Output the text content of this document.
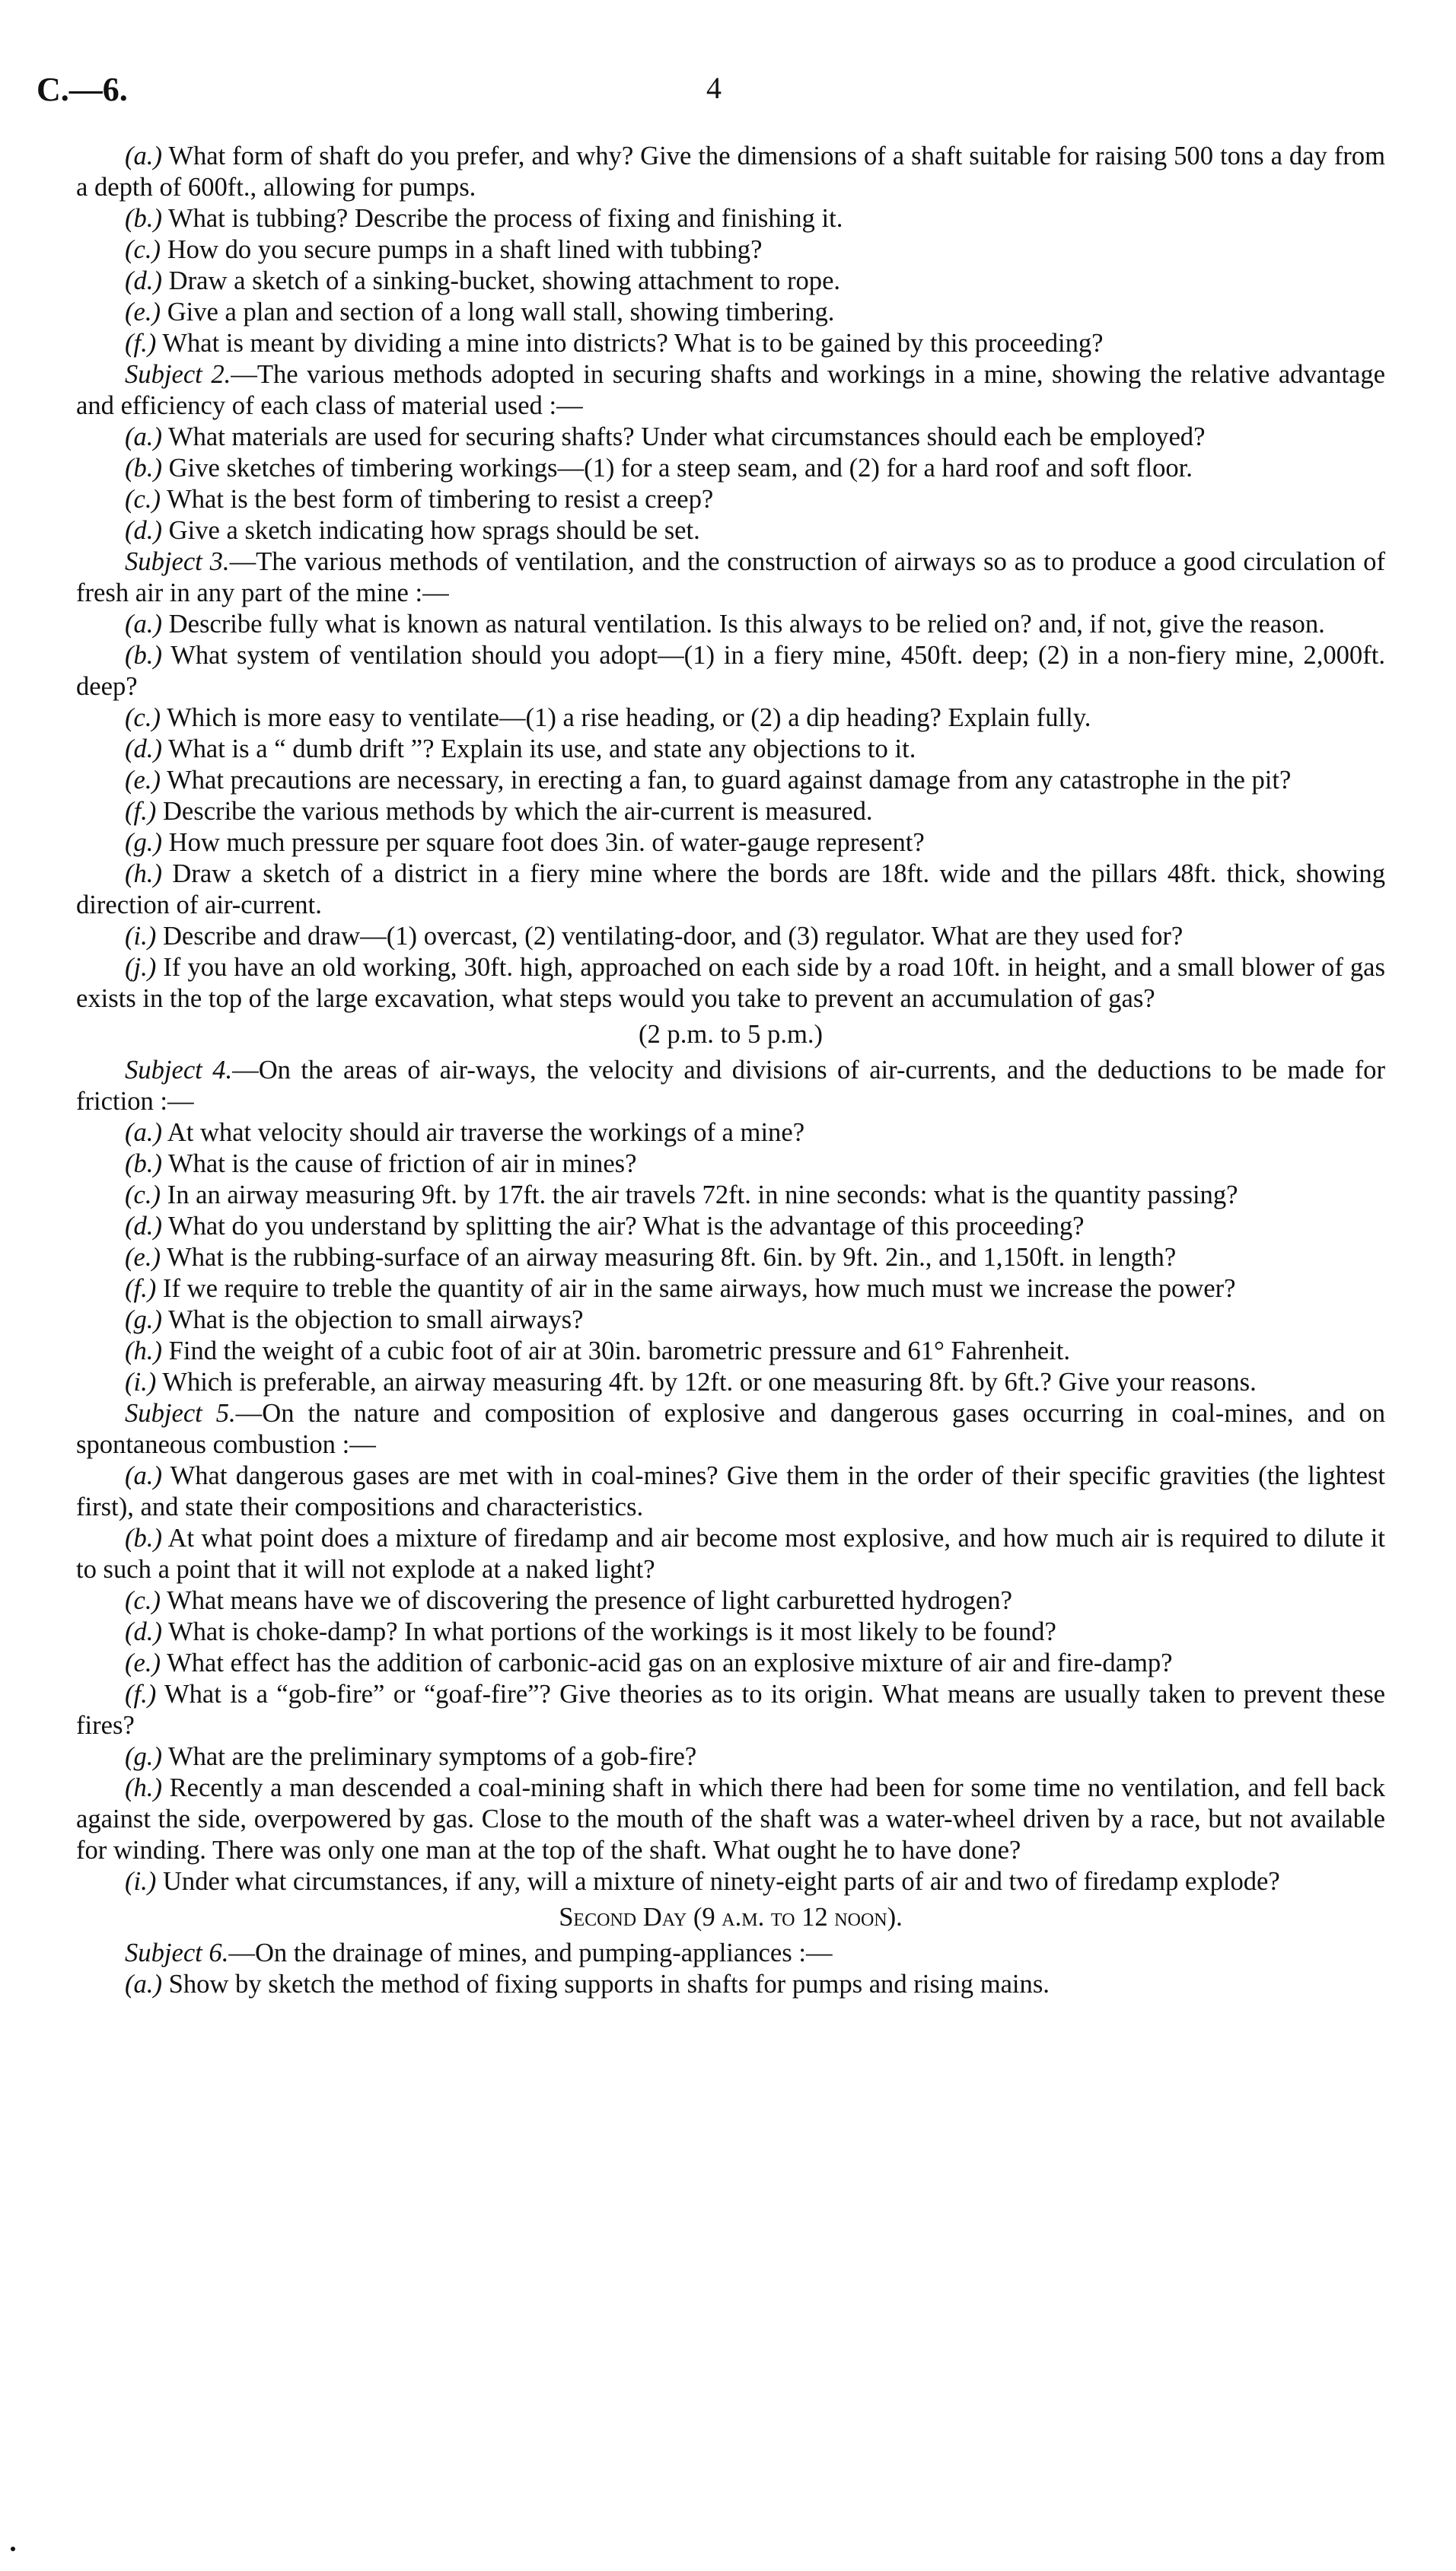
C.—6.	4

(a.) What form of shaft do you prefer, and why? Give the dimensions of a shaft suitable for raising 500 tons a day from a depth of 600ft., allowing for pumps.

(b.) What is tubbing? Describe the process of fixing and finishing it.

(c.) How do you secure pumps in a shaft lined with tubbing?

(d.) Draw a sketch of a sinking-bucket, showing attachment to rope.

(e.) Give a plan and section of a long wall stall, showing timbering.

(f.) What is meant by dividing a mine into districts? What is to be gained by this proceeding?

Subject 2.—The various methods adopted in securing shafts and workings in a mine, showing the relative advantage and efficiency of each class of material used :—

(a.) What materials are used for securing shafts? Under what circumstances should each be employed?

(b.) Give sketches of timbering workings—(1) for a steep seam, and (2) for a hard roof and soft floor.

(c.) What is the best form of timbering to resist a creep?

(d.) Give a sketch indicating how sprags should be set.

Subject 3.—The various methods of ventilation, and the construction of airways so as to produce a good circulation of fresh air in any part of the mine :—

(a.) Describe fully what is known as natural ventilation. Is this always to be relied on? and, if not, give the reason.

(b.) What system of ventilation should you adopt—(1) in a fiery mine, 450ft. deep; (2) in a non-fiery mine, 2,000ft. deep?

(c.) Which is more easy to ventilate—(1) a rise heading, or (2) a dip heading? Explain fully.

(d.) What is a “ dumb drift ”? Explain its use, and state any objections to it.

(e.) What precautions are necessary, in erecting a fan, to guard against damage from any catastrophe in the pit?

(f.) Describe the various methods by which the air-current is measured.

(g.) How much pressure per square foot does 3in. of water-gauge represent?

(h.) Draw a sketch of a district in a fiery mine where the bords are 18ft. wide and the pillars 48ft. thick, showing direction of air-current.

(i.) Describe and draw—(1) overcast, (2) ventilating-door, and (3) regulator. What are they used for?

(j.) If you have an old working, 30ft. high, approached on each side by a road 10ft. in height, and a small blower of gas exists in the top of the large excavation, what steps would you take to prevent an accumulation of gas?

(2 p.m. to 5 p.m.)

Subject 4.—On the areas of air-ways, the velocity and divisions of air-currents, and the deductions to be made for friction :—

(a.) At what velocity should air traverse the workings of a mine?

(b.) What is the cause of friction of air in mines?

(c.) In an airway measuring 9ft. by 17ft. the air travels 72ft. in nine seconds: what is the quantity passing?

(d.) What do you understand by splitting the air? What is the advantage of this proceeding?

(e.) What is the rubbing-surface of an airway measuring 8ft. 6in. by 9ft. 2in., and 1,150ft. in length?

(f.) If we require to treble the quantity of air in the same airways, how much must we increase the power?

(g.) What is the objection to small airways?

(h.) Find the weight of a cubic foot of air at 30in. barometric pressure and 61° Fahrenheit.

(i.) Which is preferable, an airway measuring 4ft. by 12ft. or one measuring 8ft. by 6ft.? Give your reasons.

Subject 5.—On the nature and composition of explosive and dangerous gases occurring in coal-mines, and on spontaneous combustion :—

(a.) What dangerous gases are met with in coal-mines? Give them in the order of their specific gravities (the lightest first), and state their compositions and characteristics.

(b.) At what point does a mixture of firedamp and air become most explosive, and how much air is required to dilute it to such a point that it will not explode at a naked light?

(c.) What means have we of discovering the presence of light carburetted hydrogen?

(d.) What is choke-damp? In what portions of the workings is it most likely to be found?

(e.) What effect has the addition of carbonic-acid gas on an explosive mixture of air and fire-damp?

(f.) What is a “gob-fire” or “goaf-fire”? Give theories as to its origin. What means are usually taken to prevent these fires?

(g.) What are the preliminary symptoms of a gob-fire?

(h.) Recently a man descended a coal-mining shaft in which there had been for some time no ventilation, and fell back against the side, overpowered by gas. Close to the mouth of the shaft was a water-wheel driven by a race, but not available for winding. There was only one man at the top of the shaft. What ought he to have done?

(i.) Under what circumstances, if any, will a mixture of ninety-eight parts of air and two of firedamp explode?

Second Day (9 a.m. to 12 noon).

Subject 6.—On the drainage of mines, and pumping-appliances :—

(a.) Show by sketch the method of fixing supports in shafts for pumps and rising mains.
